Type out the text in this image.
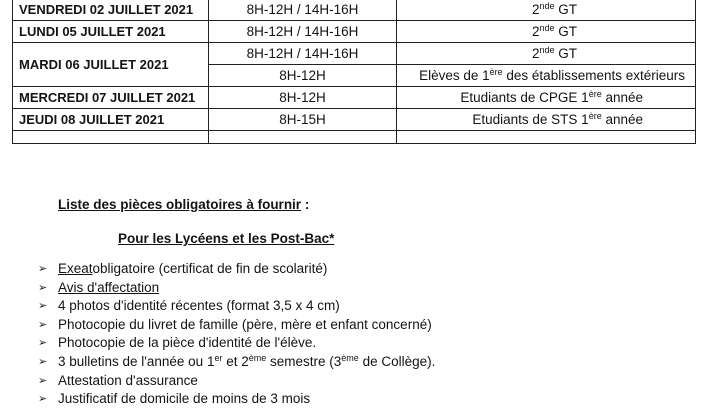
VENDREDI 02 JUILLET 2021	8H-12H / 14H-16H	2nde GT
LUNDI 05 JUILLET 2021	8H-12H / 14H-16H	2nde GT
MARDI 06 JUILLET 2021	8H-12H / 14H-16H	2nde GT
	8H-12H	Elèves de 1ère des établissements extérieurs
MERCREDI 07 JUILLET 2021	8H-12H	Etudiants de CPGE 1ère année
JEUDI 08 JUILLET 2021	8H-15H	Etudiants de STS 1ère année

Liste des pièces obligatoires à fournir :
Pour les Lycéens et les Post-Bac*
➢ Exeat obligatoire (certificat de fin de scolarité)
➢ Avis d'affectation
➢ 4 photos d'identité récentes (format 3,5 x 4 cm)
➢ Photocopie du livret de famille (père, mère et enfant concerné)
➢ Photocopie de la pièce d'identité de l'élève.
➢ 3 bulletins de l'année ou 1er et 2ème semestre (3ème de Collège).
➢ Attestation d'assurance
➢ Justificatif de domicile de moins de 3 mois
